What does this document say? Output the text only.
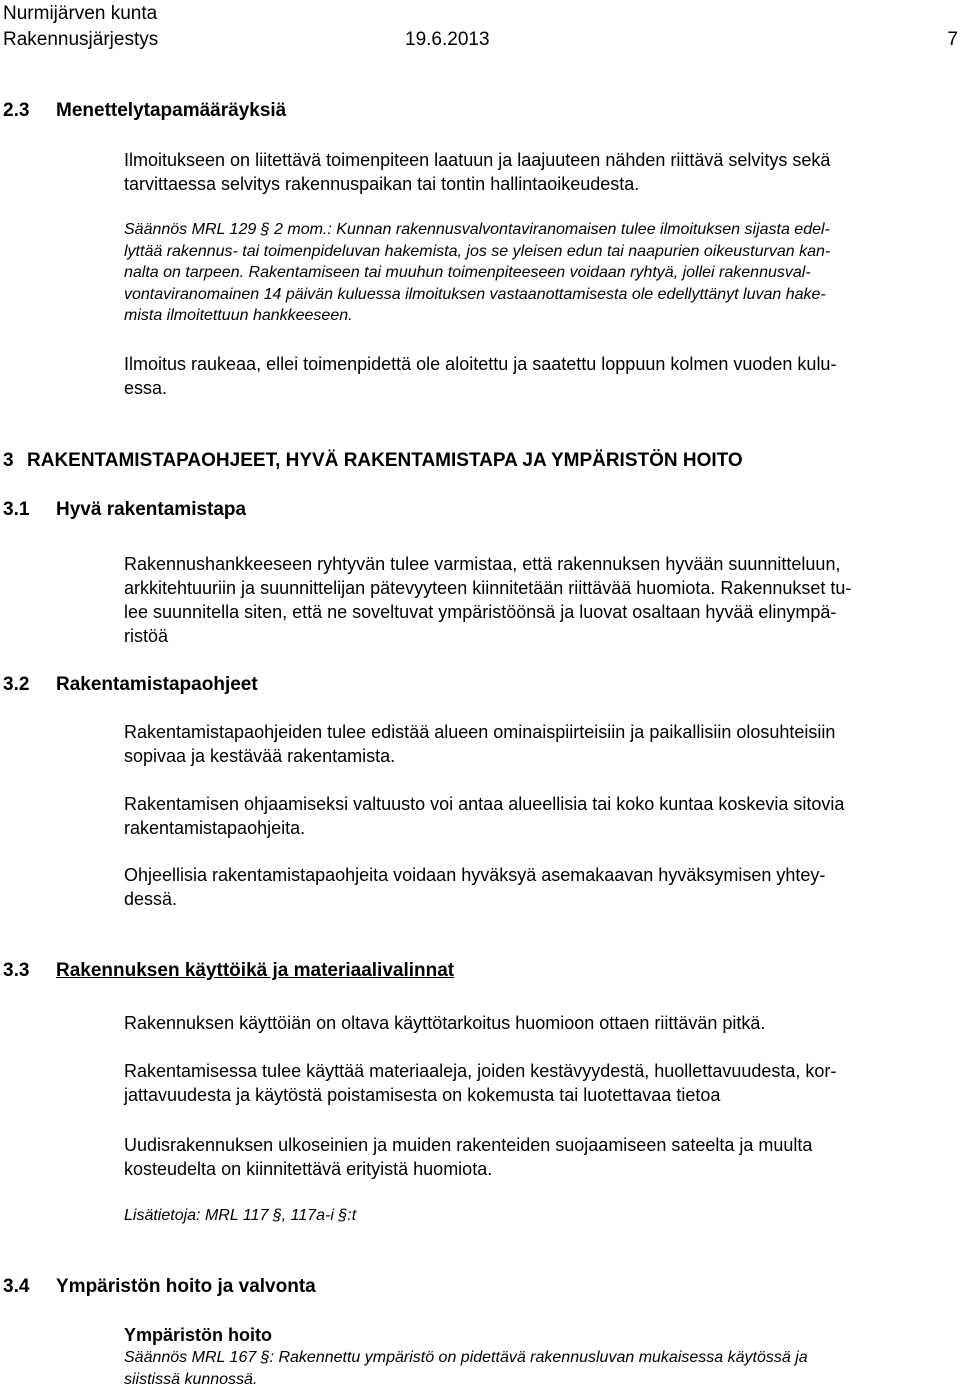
Nurmijärven kunta
Rakennusjärjestys	19.6.2013	7
2.3 Menettelytapamääräyksiä
Ilmoitukseen on liitettävä toimenpiteen laatuun ja laajuuteen nähden riittävä selvitys sekä
tarvittaessa selvitys rakennuspaikan tai tontin hallintaoikeudesta.
Säännös MRL 129 § 2 mom.: Kunnan rakennusvalvontaviranomaisen tulee ilmoituksen sijasta edel-
lyttää rakennus- tai toimenpideluvan hakemista, jos se yleisen edun tai naapurien oikeusturvan kan-
nalta on tarpeen. Rakentamiseen tai muuhun toimenpiteeseen voidaan ryhtyä, jollei rakennusval-
vontaviranomainen 14 päivän kuluessa ilmoituksen vastaanottamisesta ole edellyttänyt luvan hake-
mista ilmoitettuun hankkeeseen.
Ilmoitus raukeaa, ellei toimenpidettä ole aloitettu ja saatettu loppuun kolmen vuoden kulu-
essa.
3 RAKENTAMISTAPAOHJEET, HYVÄ RAKENTAMISTAPA JA YMPÄRISTÖN HOITO
3.1 Hyvä rakentamistapa
Rakennushankkeeseen ryhtyvän tulee varmistaa, että rakennuksen hyvään suunnitteluun,
arkkitehtuuriin ja suunnittelijan pätevyyteen kiinnitetään riittävää huomiota. Rakennukset tu-
lee suunnitella siten, että ne soveltuvat ympäristöönsä ja luovat osaltaan hyvää elinympä-
ristöä
3.2 Rakentamistapaohjeet
Rakentamistapaohjeiden tulee edistää alueen ominaispiirteisiin ja paikallisiin olosuhteisiin
sopivaa ja kestävää rakentamista.
Rakentamisen ohjaamiseksi valtuusto voi antaa alueellisia tai koko kuntaa koskevia sitovia
rakentamistapaohjeita.
Ohjeellisia rakentamistapaohjeita voidaan hyväksyä asemakaavan hyväksymisen yhtey-
dessä.
3.3 Rakennuksen käyttöikä ja materiaalivalinnat
Rakennuksen käyttöiän on oltava käyttötarkoitus huomioon ottaen riittävän pitkä.
Rakentamisessa tulee käyttää materiaaleja, joiden kestävyydestä, huollettavuudesta, kor-
jattavuudesta ja käytöstä poistamisesta on kokemusta tai luotettavaa tietoa
Uudisrakennuksen ulkoseinien ja muiden rakenteiden suojaamiseen sateelta ja muulta
kosteudelta on kiinnitettävä erityistä huomiota.
Lisätietoja: MRL 117 §, 117a-i §:t
3.4 Ympäristön hoito ja valvonta
Ympäristön hoito
Säännös MRL 167 §: Rakennettu ympäristö on pidettävä rakennusluvan mukaisessa käytössä ja
siistissä kunnossä.
